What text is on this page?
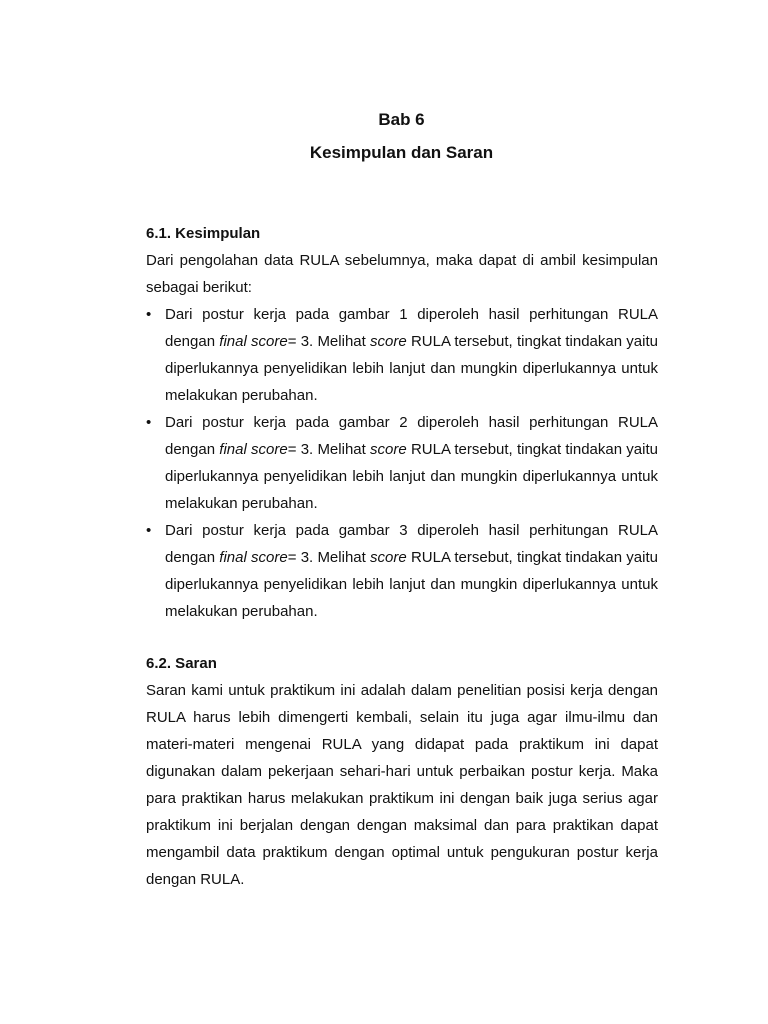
Bab 6
Kesimpulan dan Saran
6.1. Kesimpulan

Dari pengolahan data RULA sebelumnya, maka dapat di ambil kesimpulan sebagai berikut:

• Dari postur kerja pada gambar 1 diperoleh hasil perhitungan RULA dengan final score= 3. Melihat score RULA tersebut, tingkat tindakan yaitu diperlukannya penyelidikan lebih lanjut dan mungkin diperlukannya untuk melakukan perubahan.
• Dari postur kerja pada gambar 2 diperoleh hasil perhitungan RULA dengan final score= 3. Melihat score RULA tersebut, tingkat tindakan yaitu diperlukannya penyelidikan lebih lanjut dan mungkin diperlukannya untuk melakukan perubahan.
• Dari postur kerja pada gambar 3 diperoleh hasil perhitungan RULA dengan final score= 3. Melihat score RULA tersebut, tingkat tindakan yaitu diperlukannya penyelidikan lebih lanjut dan mungkin diperlukannya untuk melakukan perubahan.
6.2. Saran

Saran kami untuk praktikum ini adalah dalam penelitian posisi kerja dengan RULA harus lebih dimengerti kembali, selain itu juga agar ilmu-ilmu dan materi-materi mengenai RULA yang didapat pada praktikum ini dapat digunakan dalam pekerjaan sehari-hari untuk perbaikan postur kerja. Maka para praktikan harus melakukan praktikum ini dengan baik juga serius agar praktikum ini berjalan dengan dengan maksimal dan para praktikan dapat mengambil data praktikum dengan optimal untuk pengukuran postur kerja dengan RULA.
